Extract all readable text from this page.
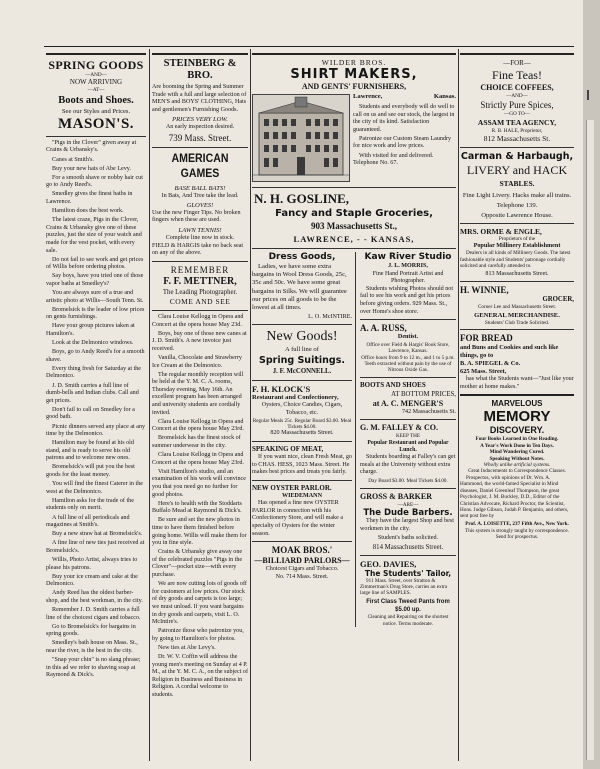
SPRING GOODS
—AND—
NOW ARRIVING
—AT—
Boots and Shoes.
See our Styles and Prices.
MASON'S.
"Pigs in the Clover" given away at Crains & Urbansky's.
Canes at Smith's.
Buy your new hats of Abe Levy.
For a smooth shave or nobby hair cut go to Andy Reed's.
Smedley gives the finest baths in Lawrence.
Hamilton does the best work.
The latest craze, Pigs in the Clover, Crains & Urbansky give one of these puzzles, just the size of your watch and made for the vest pocket, with every sale.
Do not fail to see work and get prices of Willis before ordering photos.
Say boys, have you tried one of those vapor baths at Smedley's?
You are always sure of a true and artistic photo at Willis—South Tenn. St.
Bromelsick is the leader of low prices on gents furnishings.
Have your group pictures taken at Hamilton's.
Look at the Delmonico windows.
Boys, go to Andy Reed's for a smooth shave.
Every thing fresh for Saturday at the Delmonico.
J. D. Smith carries a full line of dumb-bells and Indian clubs. Call and get prices.
Don't fail to call on Smedley for a good bath.
Picnic dinners served any place at any time by the Delmonico.
Hamilton may be found at his old stand, and is ready to serve his old patrons and to welcome new ones.
Bromelsick's will put you the best goods for the least money.
You will find the finest Caterer in the west at the Delmonico.
Hamilton asks for the trade of the students only on merit.
A full line of all periodicals and magazines at Smith's.
Buy a new straw hat at Bromelsick's.
A fine line of new ties just received at Bromelsick's.
Willis, Photo Artist, always tries to please his patrons.
Buy your ice cream and cake at the Delmonico.
Andy Reed has the oldest barber-shop, and the best workman, in the city.
Remember J. D. Smith carries a full line of the choicest cigars and tobacco.
Go to Bromelsick's for bargains in spring goods.
Smedley's bath house on Mass. St., near the river, is the best in the city.
"Snap your chin" is no slang phrase; in this ad we refer to shaving soap at Raymond & Dick's.
STEINBERG & BRO.
Are booming the Spring and Summer Trade with a full and large selection of MEN'S and BOYS' CLOTHING, Hats and gentlemen's Furnishing Goods.
PRICES VERY LOW.
An early inspection desired.
739 Mass. Street.
AMERICAN GAMES
BASE BALL BATS!
In Bats, And Tree take the lead.
GLOVES!
Use the new Finger Tips. No broken fingers when these are used.
LAWN TENNIS!
Complete line now in stock.
FIELD & HARGIS take no back seat on any of the above.
REMEMBER
F. F. METTNER,
The Leading Photographer.
COME AND SEE
Clara Louise Kellogg in Opera and Concert at the opera house May 23d.
Boys, buy one of those new canes at J. D. Smith's. A new invoice just received.
Vanilla, Chocolate and Strawberry Ice Cream at the Delmonico.
The regular monthly reception will be held at the Y. M. C. A. rooms, Thursday evening, May 16th. An excellent program has been arranged and university students are cordially invited.
Clara Louise Kellogg in Opera and Concert at the opera house May 23rd.
Bromelsick has the finest stock of summer underwear in the city.
Clara Louise Kellogg in Opera and Concert at the opera house May 23rd.
Visit Hamilton's studio, and an examination of his work will convince you that you need go no further for good photos.
Here's to health with the Stoddarts Buffalo Mead at Raymond & Dick's.
Be sure and set the new photos in time to have them finished before going home. Willis will make them for you in fine style.
Crains & Urbansky give away one of the celebrated puzzles "Pigs in the Clover"—pocket size—with every purchase.
We are now cutting lots of goods off for customers at low prices. Our stock of dry goods and carpets is too large; we must unload. If you want bargains in dry goods and carpets, visit L. O. McIntire's.
Patronize those who patronize you, by going to Hamilton's for photos.
New ties at Abe Levy's.
Dr. W. V. Coffin will address the young men's meeting on Sunday at 4 P. M., at the Y. M. C. A., on the subject of Religion in Business and Business in Religion. A cordial welcome to students.
WILDER BROS.
SHIRT MAKERS,
AND GENTS' FURNISHERS,
Lawrence,	Kansas.
Students and everybody will do well to call on us and see our stock, the largest in the city of its kind. Satisfaction guaranteed.
Patronize our Custom Steam Laundry for nice work and low prices.
With visited for and delivered. Telephone No. 67.
N. H. GOSLINE,
Fancy and Staple Groceries,
903 Massachusetts St.,
LAWRENCE, - - KANSAS,
Dress Goods,
Ladies, we have some extra bargains in Wool Dress Goods, 25c, 35c and 50c. We have some great bargains in Silks. We will guarantee our prices on all goods to be the lowest at all times.
L. O. McINTIRE.
New Goods!
A full line of
Spring Suitings.
J. F. McCONNELL.
F. H. KLOCK'S
Restaurant and Confectionery,
Oysters, Choice Candies, Cigars, Tobacco, etc.
Regular Meals 25c. Regular Board $3.00. Meal Tickets $4.00.
820 Massachusetts Street.
SPEAKING OF MEAT,
If you want nice, clean Fresh Meat, go to CHAS. HESS, 1023 Mass. Street. He makes best prices and treats you fairly.
NEW OYSTER PARLOR.
WIEDEMANN
Has opened a fine new OYSTER PARLOR in connection with his Confectionery Store, and will make a specialty of Oysters for the winter season.
MOAK BROS.'
—BILLIARD PARLORS—
Choicest Cigars and Tobacco.
No. 714 Mass. Street.
Kaw River Studio
J. L. MORRIS,
Fine Hand Portrait Artist and Photographer.
Students wishing Photos should not fail to see his work and get his prices before giving orders. 929 Mass. St., over Home's shoe store.
A. A. RUSS,
Dentist.
Office over Field & Hargis' Book Store, Lawrence, Kansas.
Office hours from 9 to 12 m., and 1 to 5 p.m.
Teeth extracted without pain by the use of Nitrous Oxide Gas.
BOOTS AND SHOES
AT BOTTOM PRICES,
at A. C. MENGER'S
742 Massachusetts St.
G. M. FALLEY & CO.
KEEP THE
Popular Restaurant and Popular Lunch.
Students boarding at Falley's can get meals at the University without extra charge.
Day Board $3.00. Meal Tickets $4.00.
GROSS & BARKER
—ARE—
The Dude Barbers.
They have the largest Shop and best workmen in the city.
Student's baths solicited.
814 Massachusetts Street.
GEO. DAVIES,
The Students' Tailor,
911 Mass. Street, over Stratton & Zimmerman's Drug Store, carries an extra large line of SAMPLES.
First Class Tweed Pants from $5.00 up.
Cleaning and Repairing on the shortest notice. Terms moderate.
—FOR—
Fine Teas!
CHOICE COFFEES,
—AND—
Strictly Pure Spices,
—GO TO—
ASSAM TEA AGENCY,
R. B. HALE, Proprietor,
812 Massachusetts St.
Carman & Harbaugh,
LIVERY and HACK
STABLES.
Fine Light Livery. Hacks make all trains.
Telephone 139.
Opposite Lawrence House.
MRS. ORME & ENGLE,
Proprietors of the
Popular Millinery Establishment
Dealers in all kinds of Millinery Goods. The latest fashionable style and Students' patronage cordially solicited and carefully attended to.
813 Massachusetts Street.
H. WINNIE,
GROCER,
Corner Lee and Massachusetts Street.
GENERAL MERCHANDISE.
Students' Club Trade Solicited.
FOR BREAD
and Buns and Cookies and such like things, go to
B. A. SPIEGEL & Co.
625 Mass. Street,
has what the Students want—"Just like your mother at home makes."
MARVELOUS
MEMORY
DISCOVERY.
Four Books Learned in One Reading.
A Year's Work Done in Ten Days.
Mind Wandering Cured.
Speaking Without Notes.
Wholly unlike artificial systems.
Great Inducements to Correspondence Classes.
Prospectus, with opinions of Dr. Wm. A. Hammond, the world-famed Specialist in Mind diseases, Daniel Greenleaf Thompson, the great Psychologist, J. M. Buckley, D.D., Editor of the Christian Advocate, Richard Proctor, the Scientist, Hons. Judge Gibson, Judah P. Benjamin, and others, sent post free by
Prof. A. LOISETTE, 237 Fifth Ave., New York.
This system is strongly taught by correspondence. Send for prospectus.
